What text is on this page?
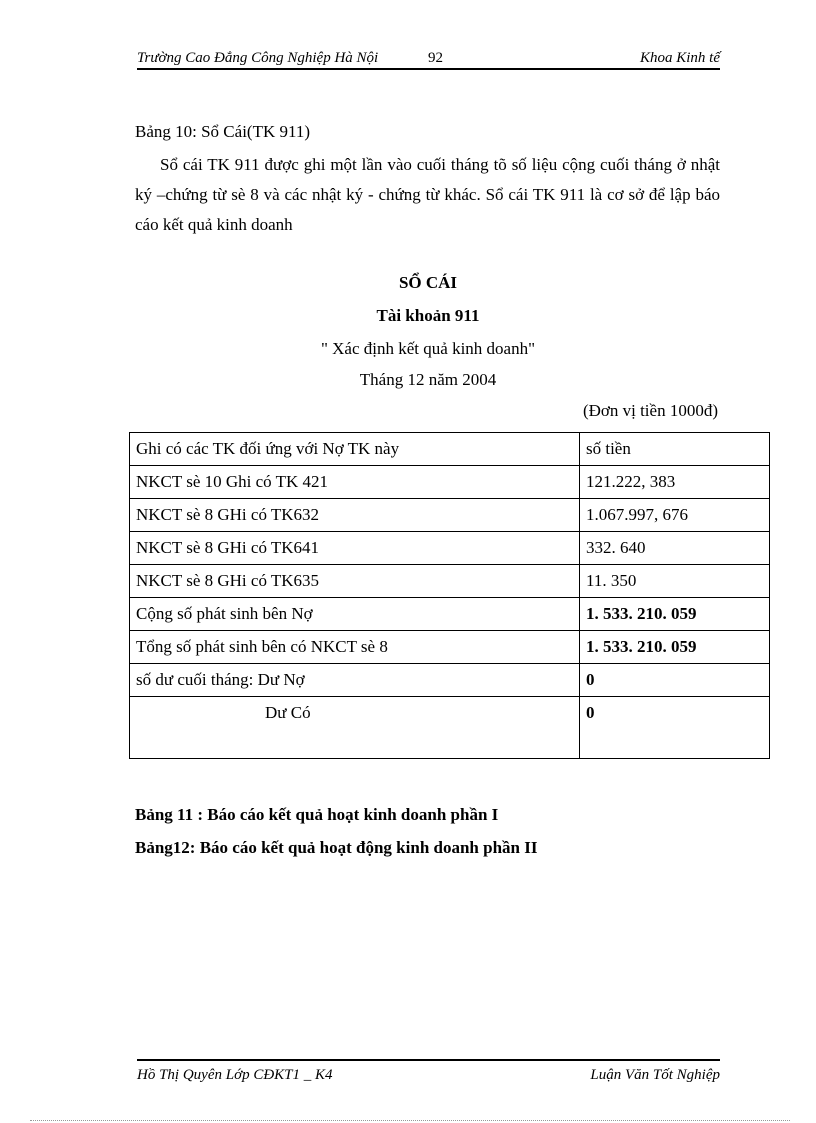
Trường Cao Đẳng Công Nghiệp Hà Nội	92	Khoa Kinh tế
Bảng 10: Sổ Cái(TK 911)
Sổ cái TK 911 được ghi một lần vào cuối tháng tõ số liệu cộng cuối tháng ở nhật ký –chứng từ sè 8 và các nhật ký - chứng từ khác. Sổ cái TK 911 là cơ sở để lập báo cáo kết quả kinh doanh
SỔ CÁI
Tài khoản 911
" Xác định kết quả kinh doanh"
Tháng 12 năm 2004
(Đơn vị tiền 1000đ)
Ghi có các TK đối ứng với Nợ TK này	số tiền
NKCT sè 10 Ghi có TK 421	121.222, 383
NKCT sè 8 GHi có TK632	1.067.997, 676
NKCT sè 8 GHi có TK641	332. 640
NKCT sè 8 GHi có TK635	11. 350
Cộng số phát sinh bên Nợ	1. 533. 210. 059
Tổng số phát sinh bên có NKCT sè 8	1. 533. 210. 059
số dư cuối tháng: Dư Nợ	0
Dư Có	0
Bảng 11 : Báo cáo kết quả hoạt kinh doanh phần I
Bảng12: Báo cáo kết quả hoạt động kinh doanh phần II
Hồ Thị Quyên Lớp CĐKT1 _ K4	Luận Văn Tốt Nghiệp
